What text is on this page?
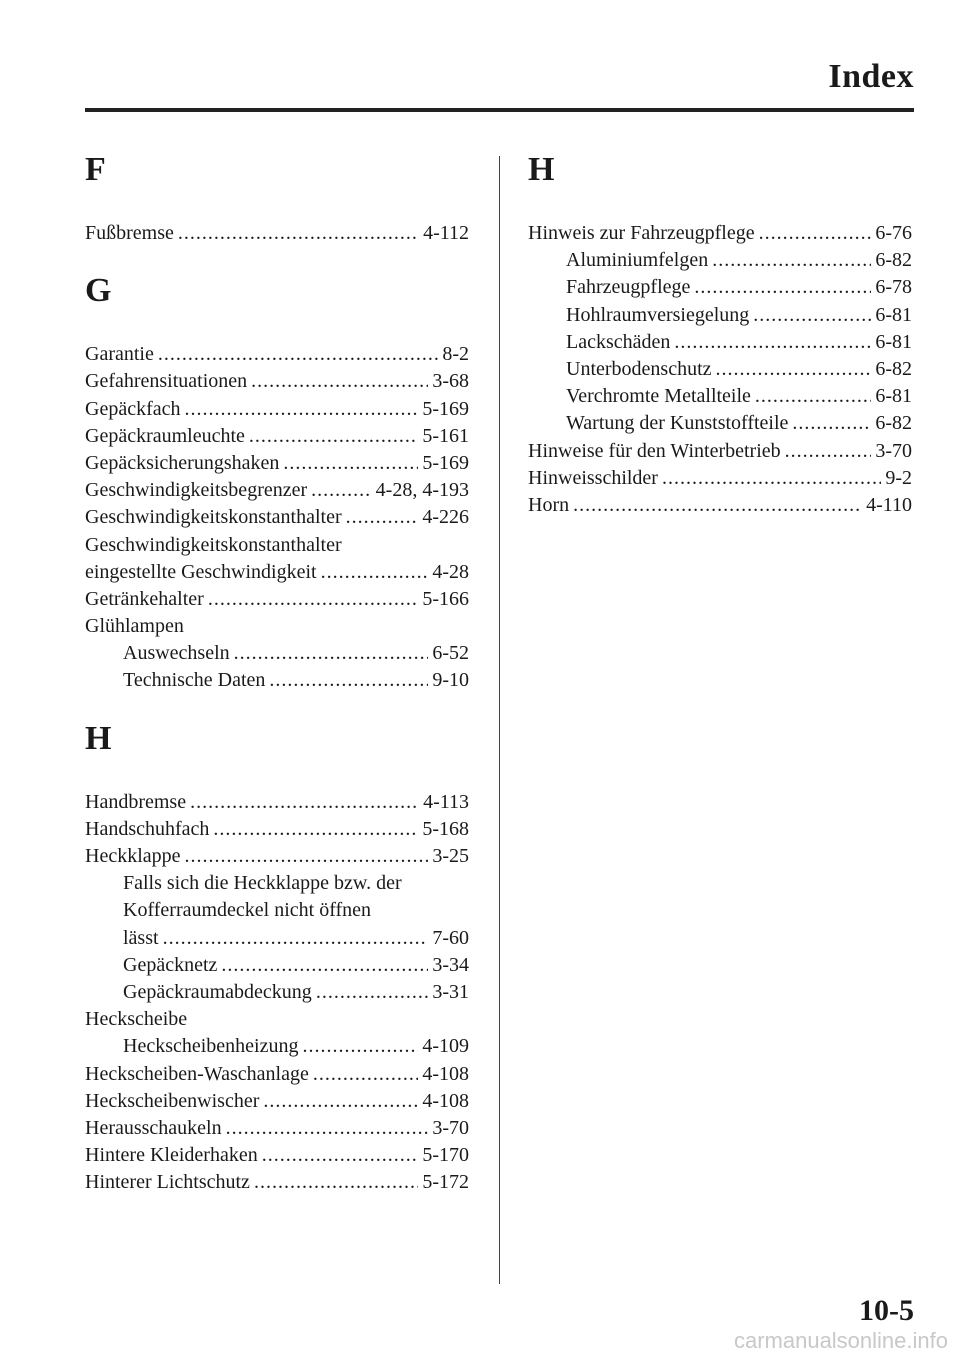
Index
F
Fußbremse .....	4-112
G
Garantie .....	8-2
Gefahrensituationen .....	3-68
Gepäckfach .....	5-169
Gepäckraumleuchte .....	5-161
Gepäcksicherungshaken .....	5-169
Geschwindigkeitsbegrenzer .....	4-28, 4-193
Geschwindigkeitskonstanthalter .....	4-226
Geschwindigkeitskonstanthalter
eingestellte Geschwindigkeit .....	4-28
Getränkehalter .....	5-166
Glühlampen
Auswechseln .....	6-52
Technische Daten .....	9-10
H
Handbremse .....	4-113
Handschuhfach .....	5-168
Heckklappe .....	3-25
Falls sich die Heckklappe bzw. der
Kofferraumdeckel nicht öffnen
lässt .....	7-60
Gepäcknetz .....	3-34
Gepäckraumabdeckung .....	3-31
Heckscheibe
Heckscheibenheizung .....	4-109
Heckscheiben-Waschanlage .....	4-108
Heckscheibenwischer .....	4-108
Herausschaukeln .....	3-70
Hintere Kleiderhaken .....	5-170
Hinterer Lichtschutz .....	5-172
H
Hinweis zur Fahrzeugpflege .....	6-76
Aluminiumfelgen .....	6-82
Fahrzeugpflege .....	6-78
Hohlraumversiegelung .....	6-81
Lackschäden .....	6-81
Unterbodenschutz .....	6-82
Verchromte Metallteile .....	6-81
Wartung der Kunststoffteile .....	6-82
Hinweise für den Winterbetrieb .....	3-70
Hinweisschilder .....	9-2
Horn .....	4-110
10-5
carmanualsonline.info
